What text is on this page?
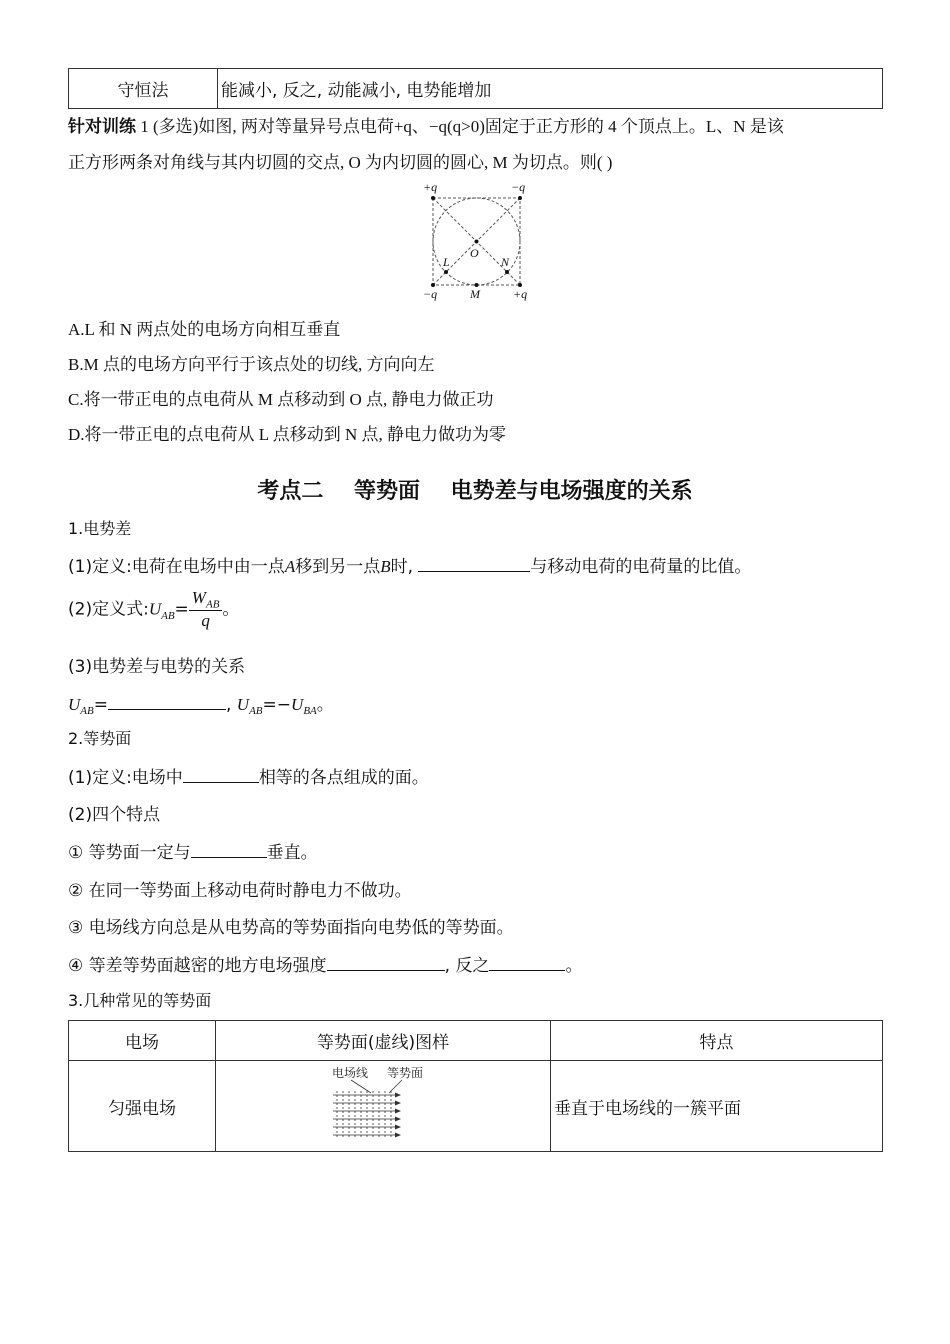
守恒法	能减小, 反之, 动能减小, 电势能增加
针对训练 1 (多选)如图, 两对等量异号点电荷+q、−q(q>0)固定于正方形的 4 个顶点上。L、N 是该
正方形两条对角线与其内切圆的交点, O 为内切圆的圆心, M 为切点。则( )
+q	−q
−q	+q
O
L	N
M
A.L 和 N 两点处的电场方向相互垂直
B.M 点的电场方向平行于该点处的切线, 方向向左
C.将一带正电的点电荷从 M 点移动到 O 点, 静电力做正功
D.将一带正电的点电荷从 L 点移动到 N 点, 静电力做功为零
考点二    等势面    电势差与电场强度的关系
1.电势差
(1)定义:电荷在电场中由一点A移到另一点B时,	与移动电荷的电荷量的比值。
(2)定义式$:U_{AB}= \frac{W_{AB}}{q}$ 。
(3)电势差与电势的关系
$U_{AB}=$	, $U_{AB}=-U_{BA}$。
2.等势面
(1)定义:电场中	相等的各点组成的面。
(2)四个特点
① 等势面一定与	垂直。
② 在同一等势面上移动电荷时静电力不做功。
③ 电场线方向总是从电势高的等势面指向电势低的等势面。
④ 等差等势面越密的地方电场强度	, 反之	。
3.几种常见的等势面
电场	等势面(虚线)图样	特点
匀强电场	电场线 等势面	垂直于电场线的一簇平面
